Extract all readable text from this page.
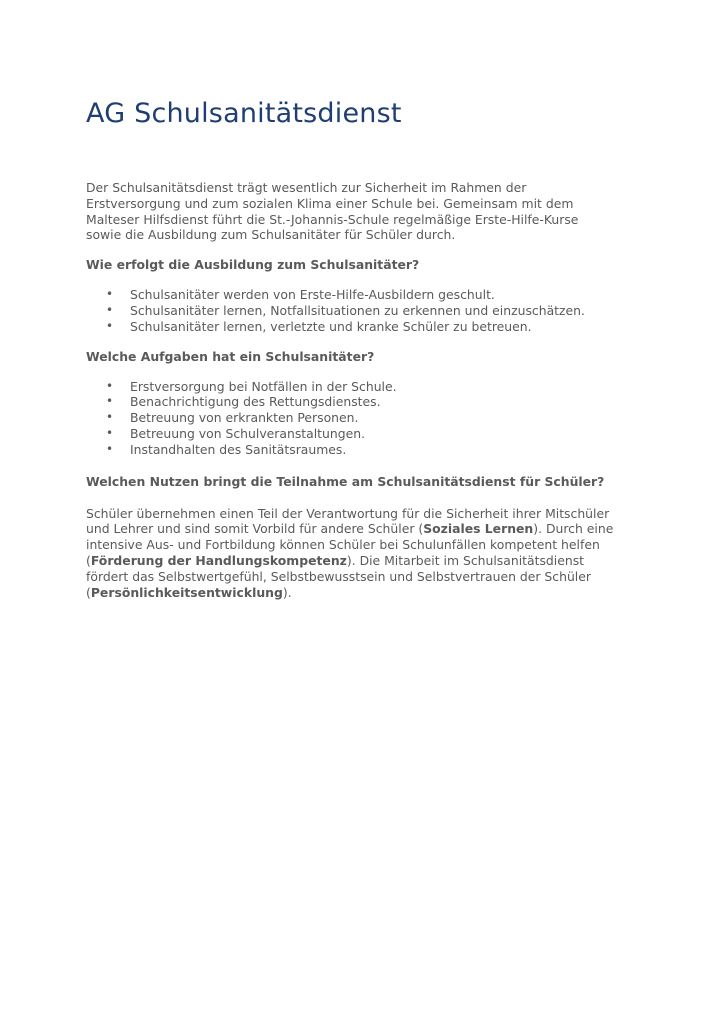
AG Schulsanitätsdienst

Der Schulsanitätsdienst trägt wesentlich zur Sicherheit im Rahmen der
Erstversorgung und zum sozialen Klima einer Schule bei. Gemeinsam mit dem
Malteser Hilfsdienst führt die St.-Johannis-Schule regelmäßige Erste-Hilfe-Kurse
sowie die Ausbildung zum Schulsanitäter für Schüler durch.

Wie erfolgt die Ausbildung zum Schulsanitäter?

• Schulsanitäter werden von Erste-Hilfe-Ausbildern geschult.
• Schulsanitäter lernen, Notfallsituationen zu erkennen und einzuschätzen.
• Schulsanitäter lernen, verletzte und kranke Schüler zu betreuen.

Welche Aufgaben hat ein Schulsanitäter?

• Erstversorgung bei Notfällen in der Schule.
• Benachrichtigung des Rettungsdienstes.
• Betreuung von erkrankten Personen.
• Betreuung von Schulveranstaltungen.
• Instandhalten des Sanitätsraumes.

Welchen Nutzen bringt die Teilnahme am Schulsanitätsdienst für Schüler?

Schüler übernehmen einen Teil der Verantwortung für die Sicherheit ihrer Mitschüler
und Lehrer und sind somit Vorbild für andere Schüler (Soziales Lernen). Durch eine
intensive Aus- und Fortbildung können Schüler bei Schulunfällen kompetent helfen
(Förderung der Handlungskompetenz). Die Mitarbeit im Schulsanitätsdienst
fördert das Selbstwertgefühl, Selbstbewusstsein und Selbstvertrauen der Schüler
(Persönlichkeitsentwicklung).
